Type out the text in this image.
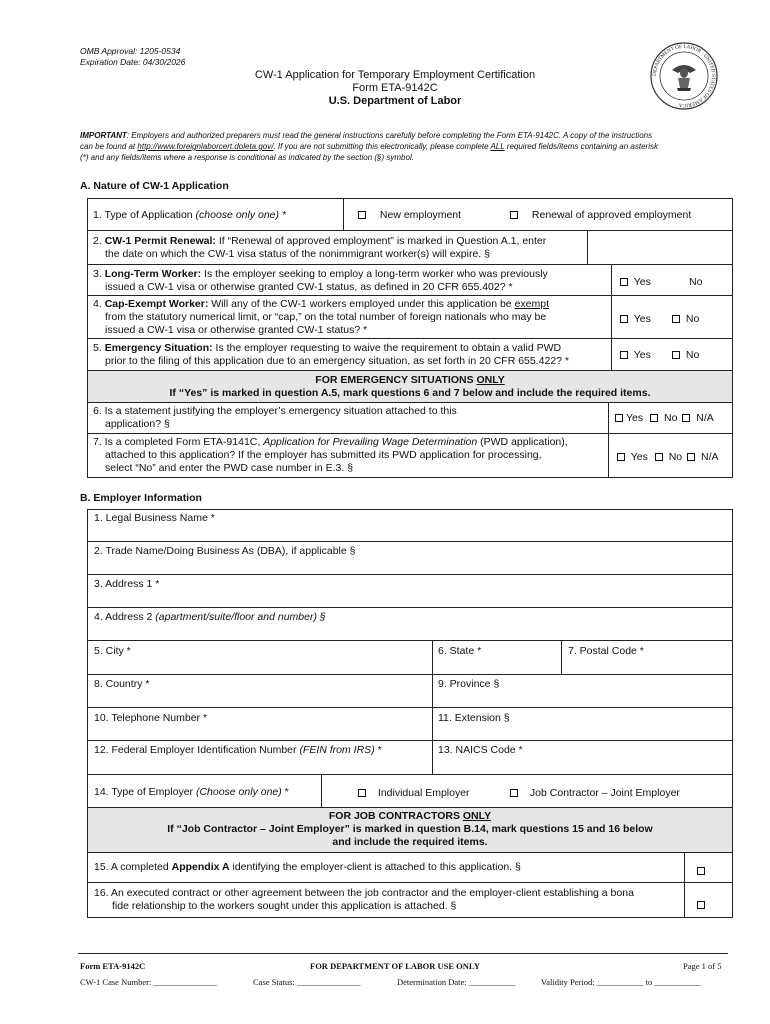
OMB Approval: 1205-0534
Expiration Date: 04/30/2026
CW-1 Application for Temporary Employment Certification
Form ETA-9142C
U.S. Department of Labor
DEPARTMENT OF LABOR · UNITED STATES OF AMERICA
IMPORTANT: Employers and authorized preparers must read the general instructions carefully before completing the Form ETA-9142C. A copy of the instructions
can be found at http://www.foreignlaborcert.doleta.gov/. If you are not submitting this electronically, please complete ALL required fields/items containing an asterisk
(*) and any fields/items where a response is conditional as indicated by the section (§) symbol.
A. Nature of CW-1 Application
1. Type of Application (choose only one) *	New employment	Renewal of approved employment
2. CW-1 Permit Renewal: If “Renewal of approved employment” is marked in Question A.1, enter
the date on which the CW-1 visa status of the nonimmigrant worker(s) will expire. §
3. Long-Term Worker: Is the employer seeking to employ a long-term worker who was previously
issued a CW-1 visa or otherwise granted CW-1 status, as defined in 20 CFR 655.402? *	Yes	No
4. Cap-Exempt Worker: Will any of the CW-1 workers employed under this application be exempt
from the statutory numerical limit, or “cap,” on the total number of foreign nationals who may be
issued a CW-1 visa or otherwise granted CW-1 status? *
Yes	No
5. Emergency Situation: Is the employer requesting to waive the requirement to obtain a valid PWD
prior to the filing of this application due to an emergency situation, as set forth in 20 CFR 655.422? *	Yes	No
FOR EMERGENCY SITUATIONS ONLY
If “Yes” is marked in question A.5, mark questions 6 and 7 below and include the required items.
6. Is a statement justifying the employer’s emergency situation attached to this
application? §	Yes No N/A
7. Is a completed Form ETA-9141C, Application for Prevailing Wage Determination (PWD application),
attached to this application? If the employer has submitted its PWD application for processing,
select “No” and enter the PWD case number in E.3. §
Yes No N/A
B. Employer Information
1. Legal Business Name *
2. Trade Name/Doing Business As (DBA), if applicable §
3. Address 1 *
4. Address 2 (apartment/suite/floor and number) §
5. City *	6. State *	7. Postal Code *
8. Country *	9. Province §
10. Telephone Number *	11. Extension §
12. Federal Employer Identification Number (FEIN from IRS) *	13. NAICS Code *
14. Type of Employer (Choose only one) *	Individual Employer	Job Contractor – Joint Employer
FOR JOB CONTRACTORS ONLY
If “Job Contractor – Joint Employer” is marked in question B.14, mark questions 15 and 16 below
and include the required items.
15. A completed Appendix A identifying the employer-client is attached to this application. §
16. An executed contract or other agreement between the job contractor and the employer-client establishing a bona
fide relationship to the workers sought under this application is attached. §
Form ETA-9142C	FOR DEPARTMENT OF LABOR USE ONLY	Page 1 of 5
CW-1 Case Number: _______________	Case Status: _______________	Determination Date: ___________	Validity Period: ___________ to ___________
